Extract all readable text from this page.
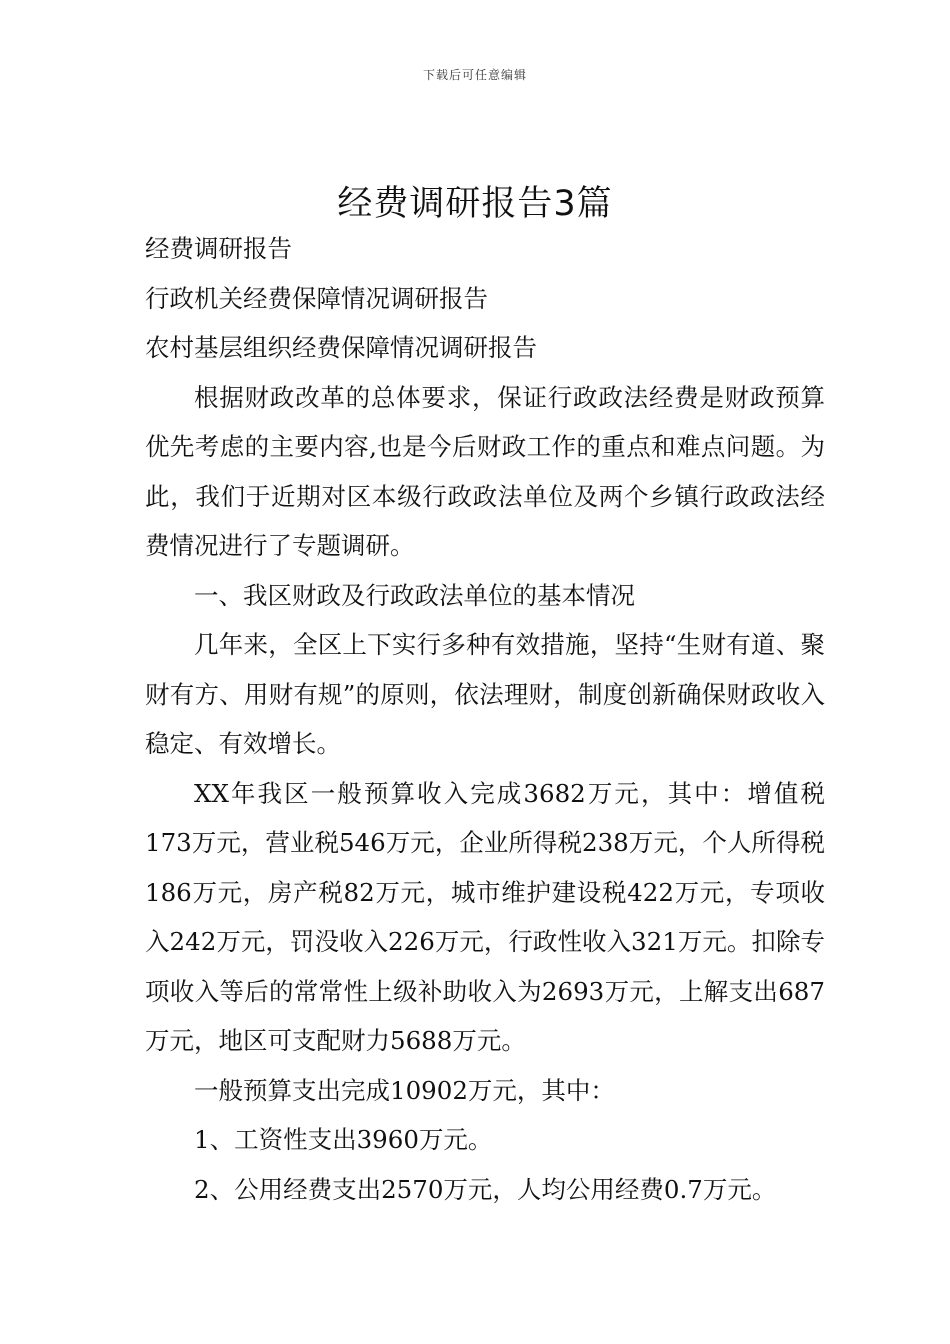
下载后可任意编辑
经费调研报告3篇

经费调研报告

行政机关经费保障情况调研报告

农村基层组织经费保障情况调研报告

根据财政改革的总体要求，保证行政政法经费是财政预算优先考虑的主要内容,也是今后财政工作的重点和难点问题。为此，我们于近期对区本级行政政法单位及两个乡镇行政政法经费情况进行了专题调研。

一、我区财政及行政政法单位的基本情况

几年来，全区上下实行多种有效措施，坚持“生财有道、聚财有方、用财有规”的原则，依法理财，制度创新确保财政收入稳定、有效增长。

XX年我区一般预算收入完成3682万元，其中：增值税173万元，营业税546万元，企业所得税238万元，个人所得税186万元，房产税82万元，城市维护建设税422万元，专项收入242万元，罚没收入226万元，行政性收入321万元。扣除专项收入等后的常常性上级补助收入为2693万元，上解支出687万元，地区可支配财力5688万元。

一般预算支出完成10902万元，其中：

1、工资性支出3960万元。

2、公用经费支出2570万元，人均公用经费0.7万元。
